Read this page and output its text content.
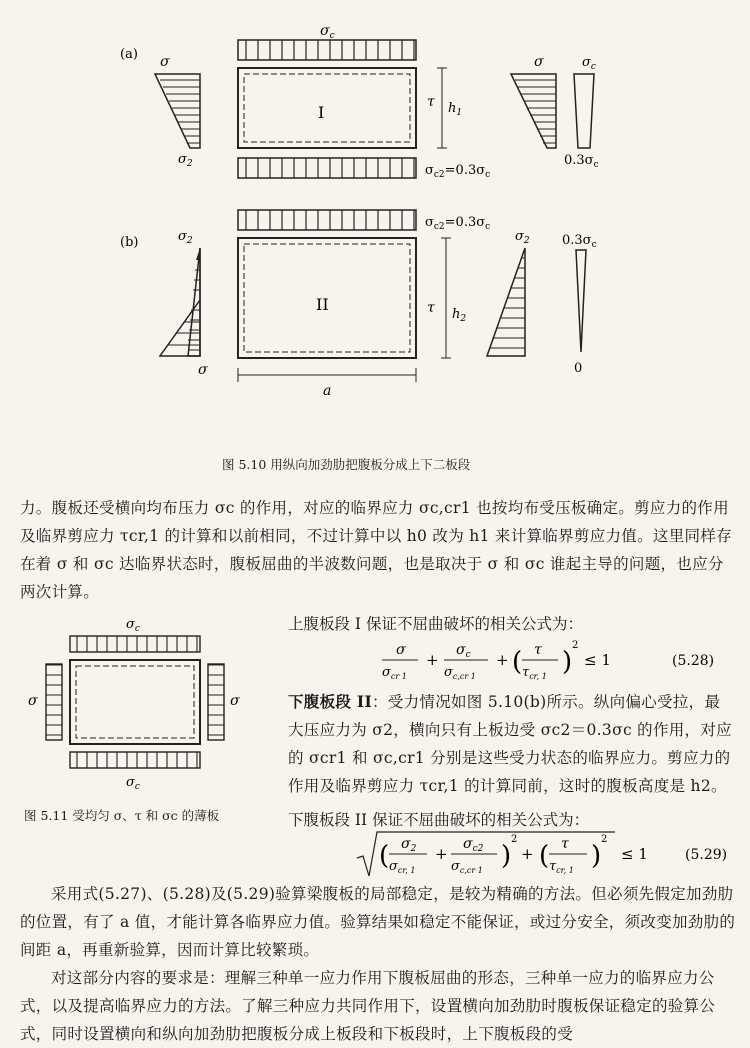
(a)
$\sigma_c$
I
τ $h_1$
$\sigma_{c2}=0.3\sigma_c$
σ
$\sigma_2$
σ	$\sigma_c$
$0.3\sigma_c$
(b)
$\sigma_{c2}=0.3\sigma_c$
II	τ $h_2$
a
$\sigma_2$
σ
$\sigma_2$ $0.3\sigma_c$
0
图 5.10 用纵向加劲肋把腹板分成上下二板段
力。腹板还受横向均布压力 σc 的作用，对应的临界应力 σc,cr1 也按均布受压板确定。剪应力的作用及临界剪应力 τcr,1 的计算和以前相同，不过计算中以 h0 改为 h1 来计算临界剪应力值。这里同样存在着 σ 和 σc 达临界状态时，腹板屈曲的半波数问题，也是取决于 σ 和 σc 谁起主导的问题，也应分两次计算。
$\sigma_c$
σ	σ
$\sigma_c$
图 5.11 受均匀 σ、τ 和 σc 的薄板
上腹板段 I 保证不屈曲破坏的相关公式为：
σ
$\sigma_{cr 1}$
+
$\sigma_c$
$\sigma_{c,cr 1}$
+ ( τ
$\tau_{cr, 1}$ )
2
≤ 1	(5.28)
下腹板段 II：受力情况如图 5.10(b)所示。纵向偏心受拉，最大压应力为 σ2，横向只有上板边受 σc2＝0.3σc 的作用，对应的 σcr1 和 σc,cr1 分别是这些受力状态的临界应力。剪应力的作用及临界剪应力 τcr,1 的计算同前，这时的腹板高度是 h2。
下腹板段 II 保证不屈曲破坏的相关公式为：
( $\sigma_2$
$\sigma_{cr, 1}$
+
$\sigma_{c2}$
$\sigma_{c,cr 1}$ )
2
+ ( τ
$\tau_{cr, 1}$ )
2
≤ 1	(5.29)
采用式(5.27)、(5.28)及(5.29)验算梁腹板的局部稳定，是较为精确的方法。但必须先假定加劲肋的位置，有了 a 值，才能计算各临界应力值。验算结果如稳定不能保证，或过分安全，须改变加劲肋的间距 a，再重新验算，因而计算比较繁琐。
对这部分内容的要求是：理解三种单一应力作用下腹板屈曲的形态，三种单一应力的临界应力公式，以及提高临界应力的方法。了解三种应力共同作用下，设置横向加劲肋时腹板保证稳定的验算公式，同时设置横向和纵向加劲肋把腹板分成上板段和下板段时，上下腹板段的受
